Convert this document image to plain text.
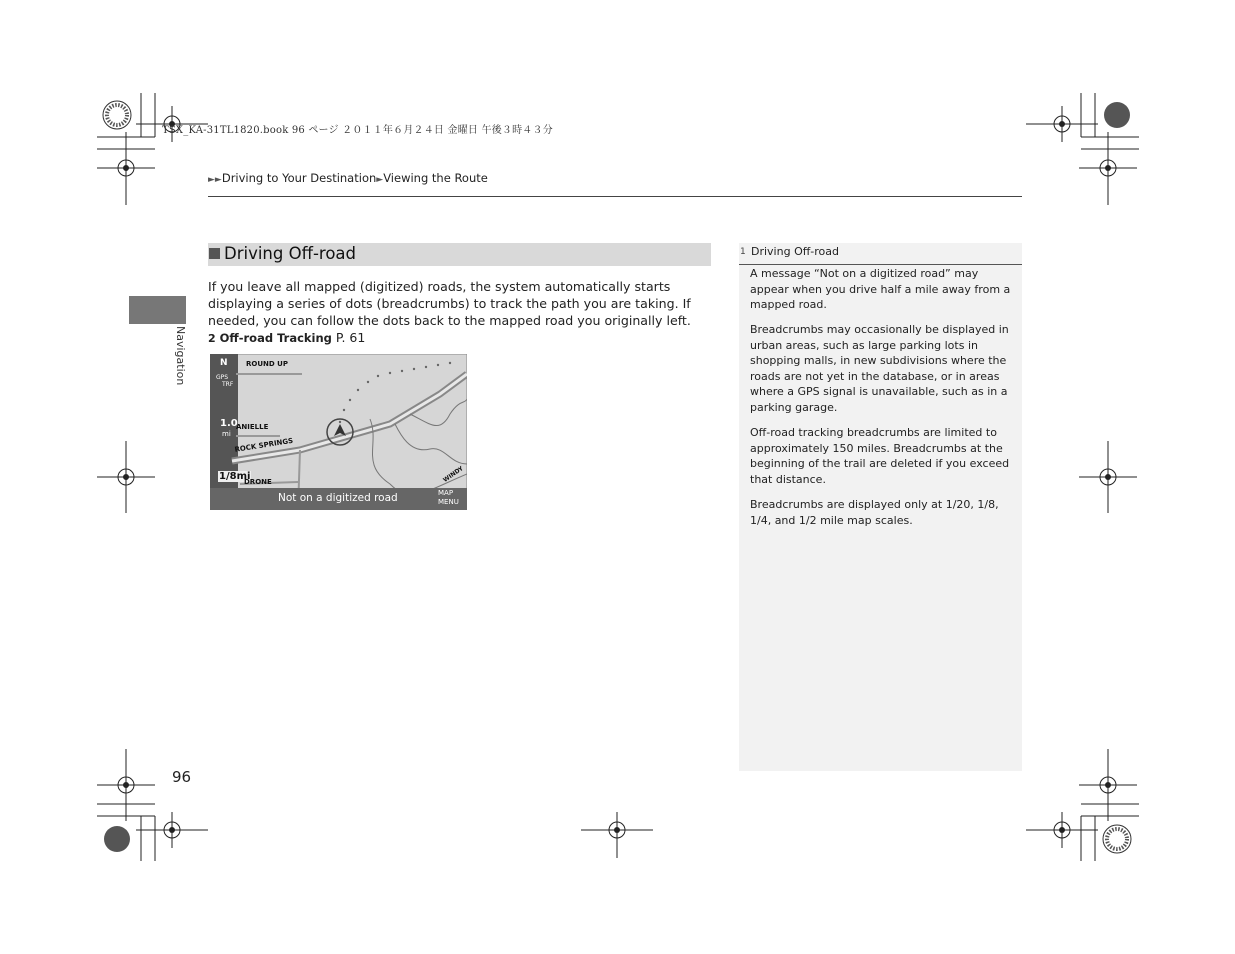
TSX_KA-31TL1820.book 96 ページ ２０１１年６月２４日 金曜日 午後３時４３分
►►Driving to Your Destination►Viewing the Route
Navigation
Driving Off-road
If you leave all mapped (digitized) roads, the system automatically starts displaying a series of dots (breadcrumbs) to track the path you are taking. If needed, you can follow the dots back to the mapped road you originally left.
2 Off-road Tracking P. 61
N
GPS
TRF
1.0
mi
1/8mi
ROUND UP
ANIELLE
ROCK SPRINGS
DRONE	WINDY
Not on a digitized road	MAP
MENU
1 Driving Off-road

A message “Not on a digitized road” may appear when you drive half a mile away from a mapped road.

Breadcrumbs may occasionally be displayed in urban areas, such as large parking lots in shopping malls, in new subdivisions where the roads are not yet in the database, or in areas where a GPS signal is unavailable, such as in a parking garage.

Off-road tracking breadcrumbs are limited to approximately 150 miles. Breadcrumbs at the beginning of the trail are deleted if you exceed that distance.

Breadcrumbs are displayed only at 1/20, 1/8, 1/4, and 1/2 mile map scales.

96
